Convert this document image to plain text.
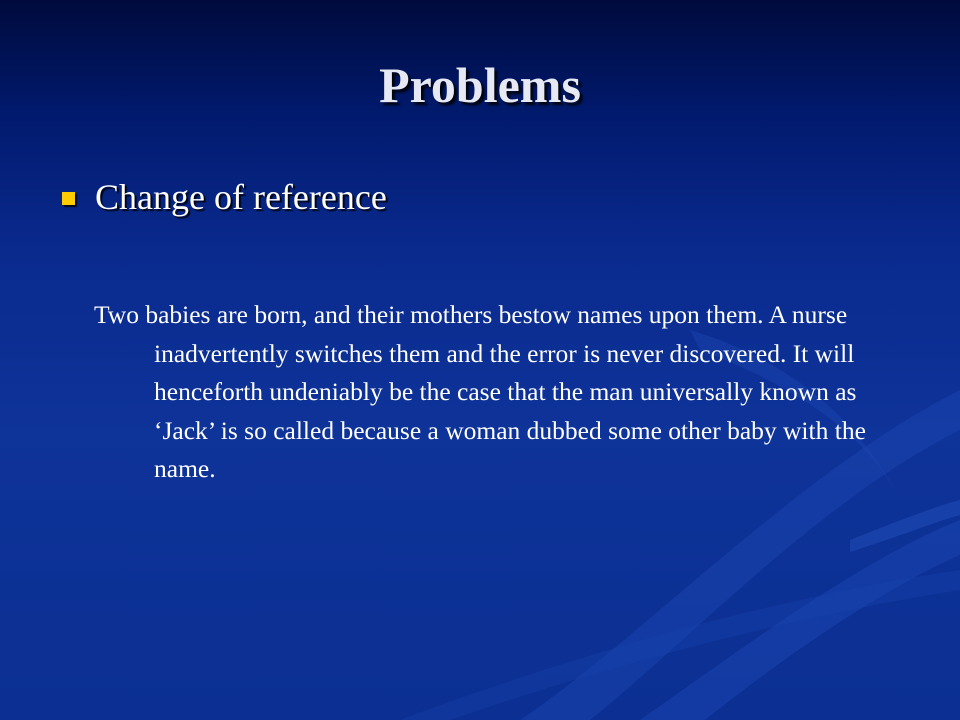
Problems
Change of reference

Two babies are born, and their mothers bestow names upon them. A nurse inadvertently switches them and the error is never discovered. It will henceforth undeniably be the case that the man universally known as ‘Jack’ is so called because a woman dubbed some other baby with the name.
